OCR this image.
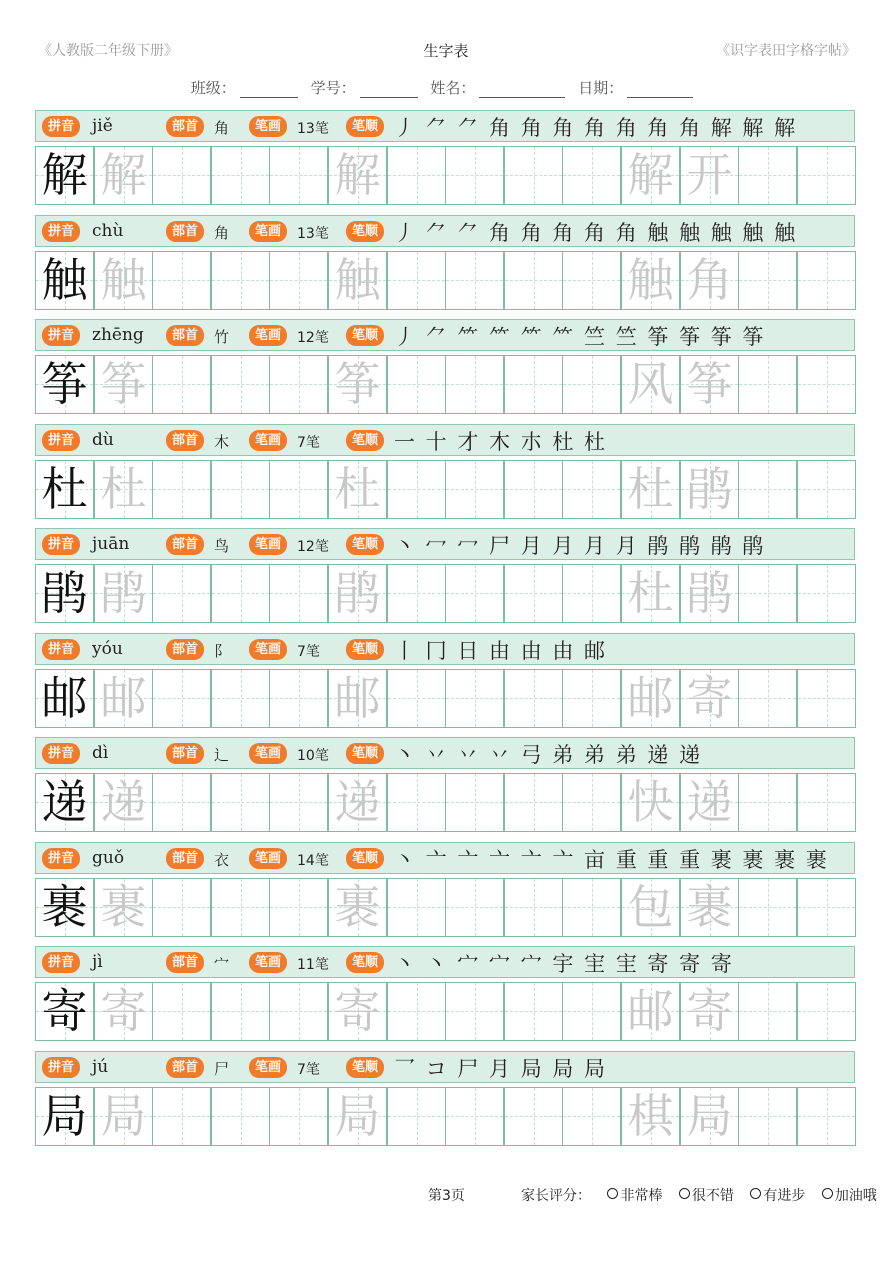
《人教版二年级下册》	生字表	《识字表田字格字帖》
班级：	学号：	姓名：	日期：
拼音	jiě	部首	角	笔画	13笔	笔顺 丿 ⺈ ⺈ 角 角 角 角 角 角 角 解 解 解
解 解	解	解 开
拼音	chù	部首	角	笔画	13笔	笔顺 丿 ⺈ ⺈ 角 角 角 角 角 触 触 触 触 触
触 触	触	触 角
拼音	zhēng	部首	竹	笔画	12笔	笔顺 丿 ⺈ ⺮ ⺮ ⺮ ⺮ 竺 竺 筝 筝 筝 筝
筝 筝	筝	风 筝
拼音	dù	部首	木	笔画	7笔	笔顺 一 十 才 木 朩 杜 杜
杜 杜	杜	杜 鹃
拼音	juān	部首	鸟	笔画	12笔	笔顺 丶 冖 冖 尸 月 月 月 月 鹃 鹃 鹃 鹃
鹃 鹃	鹃	杜 鹃
拼音	yóu	部首	阝	笔画	7笔	笔顺 丨 冂 日 由 由 由 邮
邮 邮	邮	邮 寄
拼音	dì	部首	辶	笔画	10笔	笔顺 丶 丷 丷 丷 弓 弟 弟 弟 递 递
递 递	递	快 递
拼音	guǒ	部首	衣	笔画	14笔	笔顺 丶 亠 亠 亠 亠 亠 亩 重 重 重 裹 裹 裹 裹
裹 裹	裹	包 裹
拼音	jì	部首	宀	笔画	11笔	笔顺 丶 丶 宀 宀 宀 宇 宔 宔 寄 寄 寄
寄 寄	寄	邮 寄
拼音	jú	部首	尸	笔画	7笔	笔顺 乛 コ 尸 月 局 局 局
局 局	局	棋 局
第3页	家长评分： 非常棒 很不错 有进步 加油哦
